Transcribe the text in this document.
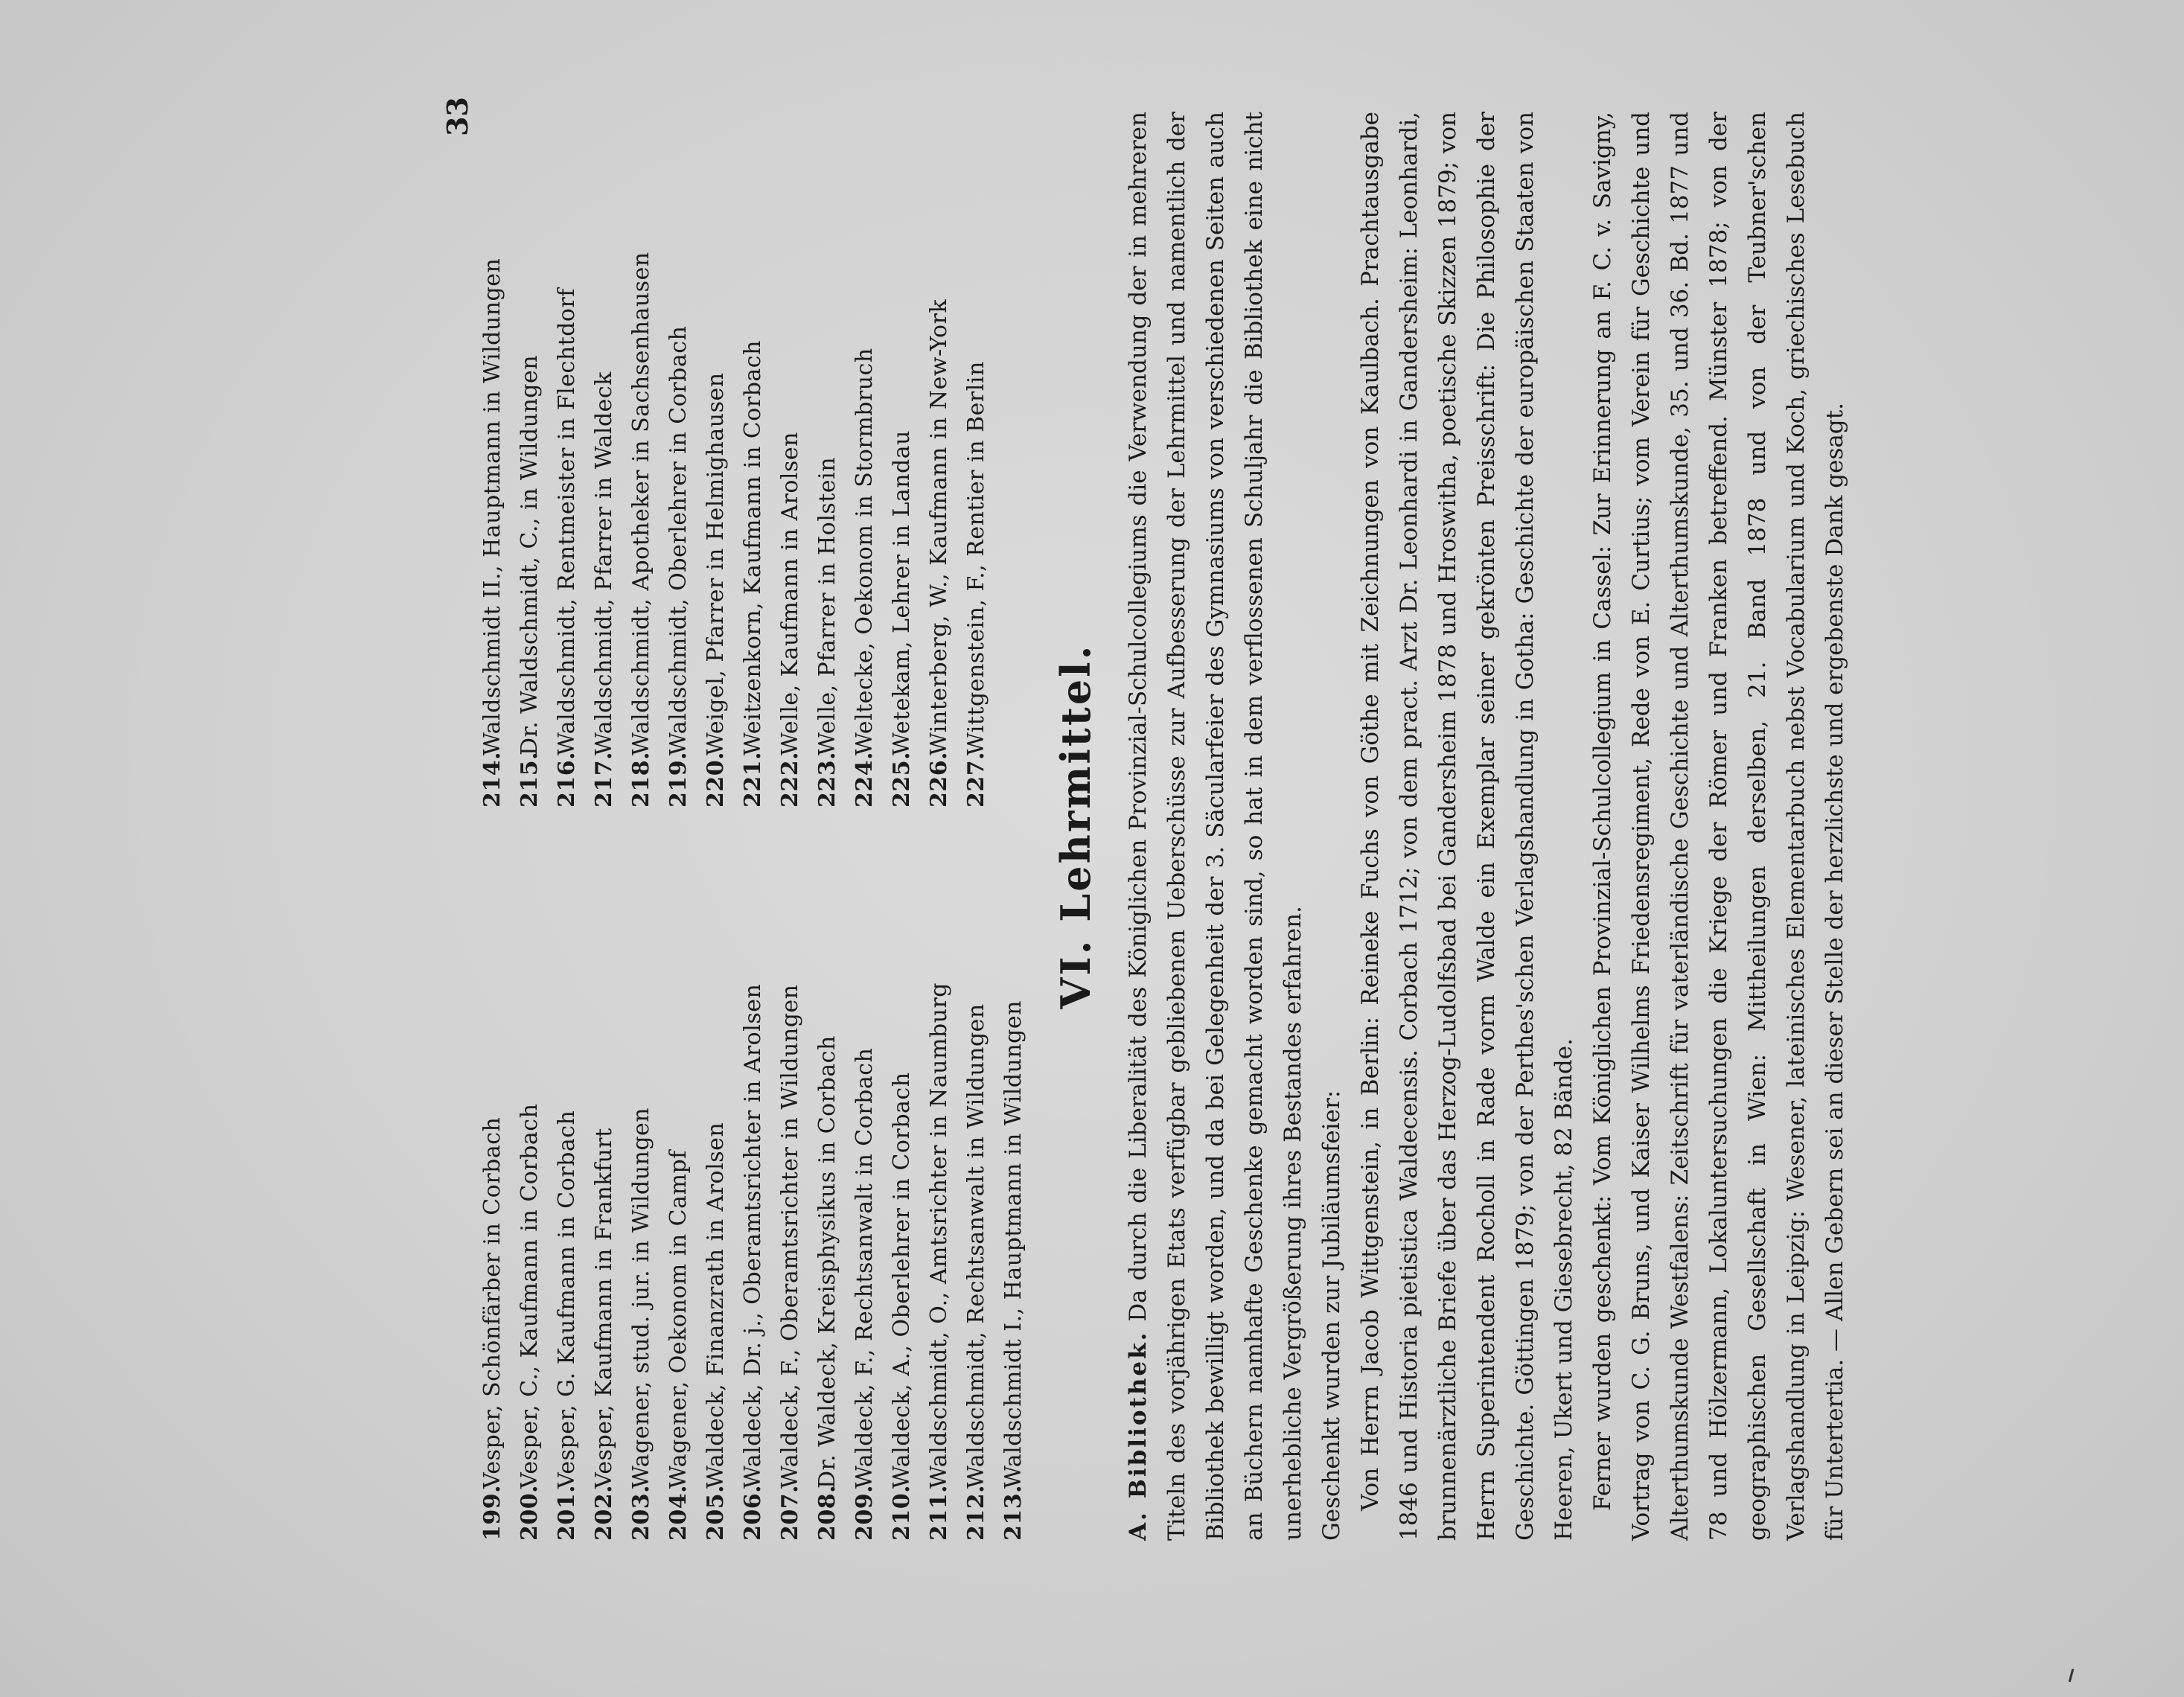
33
199.Vesper, Schönfärber in Corbach
200.Vesper, C., Kaufmann in Corbach
201.Vesper, G. Kaufmann in Corbach
202.Vesper, Kaufmann in Frankfurt
203.Wagener, stud. jur. in Wildungen
204.Wagener, Oekonom in Campf
205.Waldeck, Finanzrath in Arolsen
206.Waldeck, Dr. j., Oberamtsrichter in Arolsen
207.Waldeck, F., Oberamtsrichter in Wildungen
208.Dr. Waldeck, Kreisphysikus in Corbach
209.Waldeck, F., Rechtsanwalt in Corbach
210.Waldeck, A., Oberlehrer in Corbach
211.Waldschmidt, O., Amtsrichter in Naumburg
212.Waldschmidt, Rechtsanwalt in Wildungen
213.Waldschmidt I., Hauptmann in Wildungen
214.Waldschmidt II., Hauptmann in Wildungen
215.Dr. Waldschmidt, C., in Wildungen
216.Waldschmidt, Rentmeister in Flechtdorf
217.Waldschmidt, Pfarrer in Waldeck
218.Waldschmidt, Apotheker in Sachsenhausen
219.Waldschmidt, Oberlehrer in Corbach
220.Weigel, Pfarrer in Helmighausen
221.Weitzenkorn, Kaufmann in Corbach
222.Welle, Kaufmann in Arolsen
223.Welle, Pfarrer in Holstein
224.Weltecke, Oekonom in Stormbruch
225.Wetekam, Lehrer in Landau
226.Winterberg, W., Kaufmann in New-York
227.Wittgenstein, F., Rentier in Berlin
VI. Lehrmittel.

A. Bibliothek. Da durch die Liberalität des Königlichen Provinzial-Schulcollegiums die Verwendung der in mehreren Titeln des vorjährigen Etats verfügbar gebliebenen Ueberschüsse zur Aufbesserung der Lehrmittel und namentlich der Bibliothek bewilligt worden, und da bei Gelegenheit der 3. Säcularfeier des Gymnasiums von verschiedenen Seiten auch an Büchern namhafte Geschenke gemacht worden sind, so hat in dem verflossenen Schuljahr die Bibliothek eine nicht unerhebliche Vergrößerung ihres Bestandes erfahren. Geschenkt wurden zur Jubiläumsfeier: Von Herrn Jacob Wittgenstein, in Berlin: Reineke Fuchs von Göthe mit Zeichnungen von Kaulbach. Prachtausgabe 1846 und Historia pietistica Waldecensis. Corbach 1712; von dem pract. Arzt Dr. Leonhardi in Gandersheim: Leonhardi, brunnenärztliche Briefe über das Herzog-Ludolfsbad bei Gandersheim 1878 und Hroswitha, poetische Skizzen 1879; von Herrn Superintendent Rocholl in Rade vorm Walde ein Exemplar seiner gekrönten Preisschrift: Die Philosophie der Geschichte. Göttingen 1879; von der Perthes'schen Verlagshandlung in Gotha: Geschichte der europäischen Staaten von Heeren, Ukert und Giesebrecht, 82 Bände. Ferner wurden geschenkt: Vom Königlichen Provinzial-Schulcollegium in Cassel: Zur Erinnerung an F. C. v. Savigny, Vortrag von C. G. Bruns, und Kaiser Wilhelms Friedensregiment, Rede von E. Curtius; vom Verein für Geschichte und Alterthumskunde Westfalens: Zeitschrift für vaterländische Geschichte und Alterthumskunde, 35. und 36. Bd. 1877 und 78 und Hölzermann, Lokaluntersuchungen die Kriege der Römer und Franken betreffend. Münster 1878; von der geographischen Gesellschaft in Wien: Mittheilungen derselben, 21. Band 1878 und von der Teubner'schen Verlagshandlung in Leipzig: Wesener, lateinisches Elementarbuch nebst Vocabularium und Koch, griechisches Lesebuch für Untertertia. — Allen Gebern sei an dieser Stelle der herzlichste und ergebenste Dank gesagt.
